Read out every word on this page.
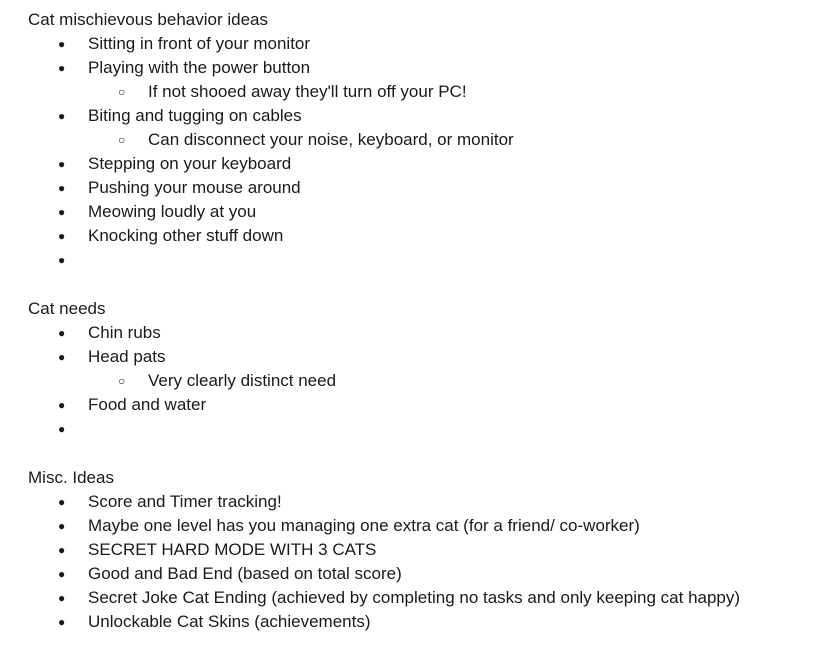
Cat mischievous behavior ideas
● Sitting in front of your monitor
● Playing with the power button
○ If not shooed away they'll turn off your PC!
● Biting and tugging on cables
○ Can disconnect your noise, keyboard, or monitor
● Stepping on your keyboard
● Pushing your mouse around
● Meowing loudly at you
● Knocking other stuff down
●
Cat needs
● Chin rubs
● Head pats
○ Very clearly distinct need
● Food and water
●
Misc. Ideas
● Score and Timer tracking!
● Maybe one level has you managing one extra cat (for a friend/ co-worker)
● SECRET HARD MODE WITH 3 CATS
● Good and Bad End (based on total score)
● Secret Joke Cat Ending (achieved by completing no tasks and only keeping cat happy)
● Unlockable Cat Skins (achievements)
